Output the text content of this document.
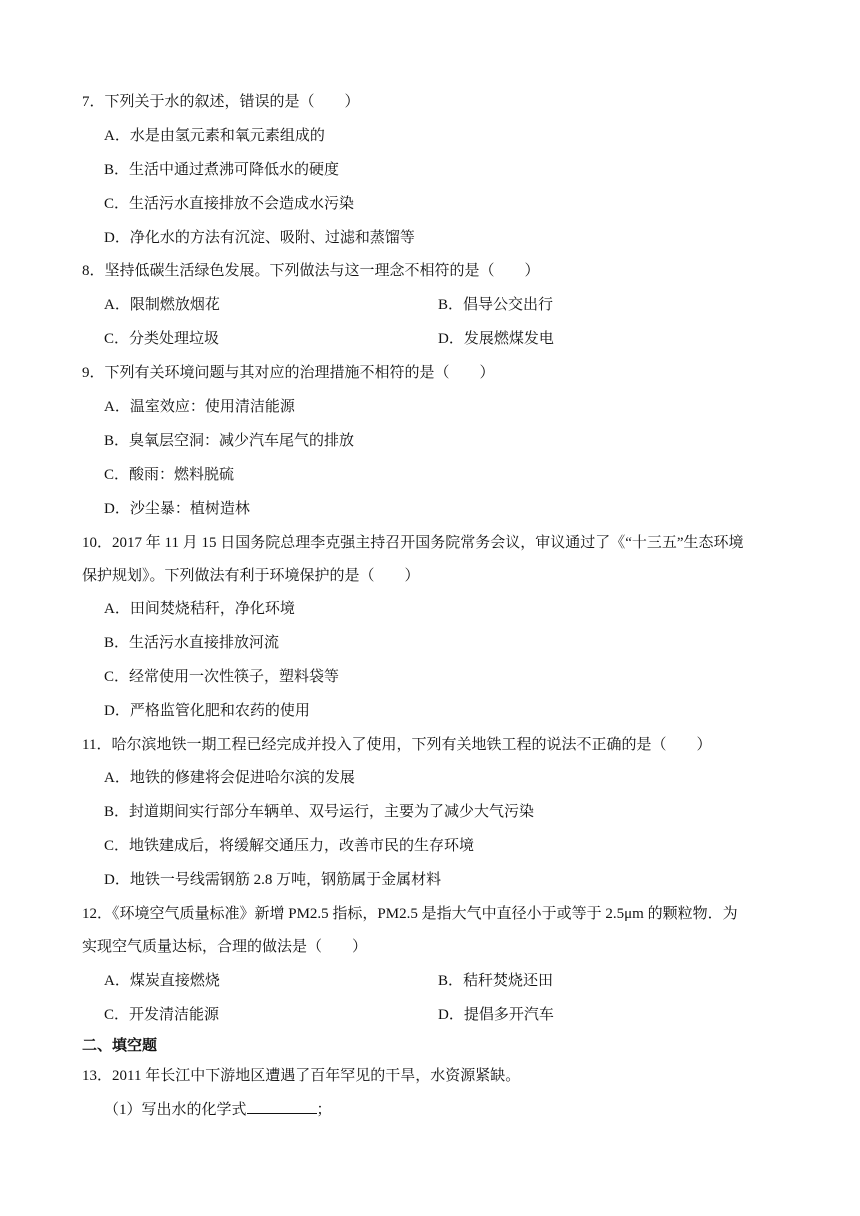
7．下列关于水的叙述，错误的是（　　）
A．水是由氢元素和氧元素组成的
B．生活中通过煮沸可降低水的硬度
C．生活污水直接排放不会造成水污染
D．净化水的方法有沉淀、吸附、过滤和蒸馏等
8．坚持低碳生活绿色发展。下列做法与这一理念不相符的是（　　）
A．限制燃放烟花	B．倡导公交出行
C．分类处理垃圾	D．发展燃煤发电
9．下列有关环境问题与其对应的治理措施不相符的是（　　）
A．温室效应：使用清洁能源
B．臭氧层空洞：减少汽车尾气的排放
C．酸雨：燃料脱硫
D．沙尘暴：植树造林
10．2017 年 11 月 15 日国务院总理李克强主持召开国务院常务会议，审议通过了《“十三五”生态环境
保护规划》。下列做法有利于环境保护的是（　　）
A．田间焚烧秸秆，净化环境
B．生活污水直接排放河流
C．经常使用一次性筷子，塑料袋等
D．严格监管化肥和农药的使用
11．哈尔滨地铁一期工程已经完成并投入了使用，下列有关地铁工程的说法不正确的是（　　）
A．地铁的修建将会促进哈尔滨的发展
B．封道期间实行部分车辆单、双号运行，主要为了减少大气污染
C．地铁建成后，将缓解交通压力，改善市民的生存环境
D．地铁一号线需钢筋 2.8 万吨，钢筋属于金属材料
12．《环境空气质量标准》新增 PM2.5 指标，PM2.5 是指大气中直径小于或等于 2.5μm 的颗粒物．为
实现空气质量达标，合理的做法是（　　）
A．煤炭直接燃烧	B．秸秆焚烧还田
C．开发清洁能源	D．提倡多开汽车
二、填空题
13．2011 年长江中下游地区遭遇了百年罕见的干旱，水资源紧缺。
（1）写出水的化学式	；
